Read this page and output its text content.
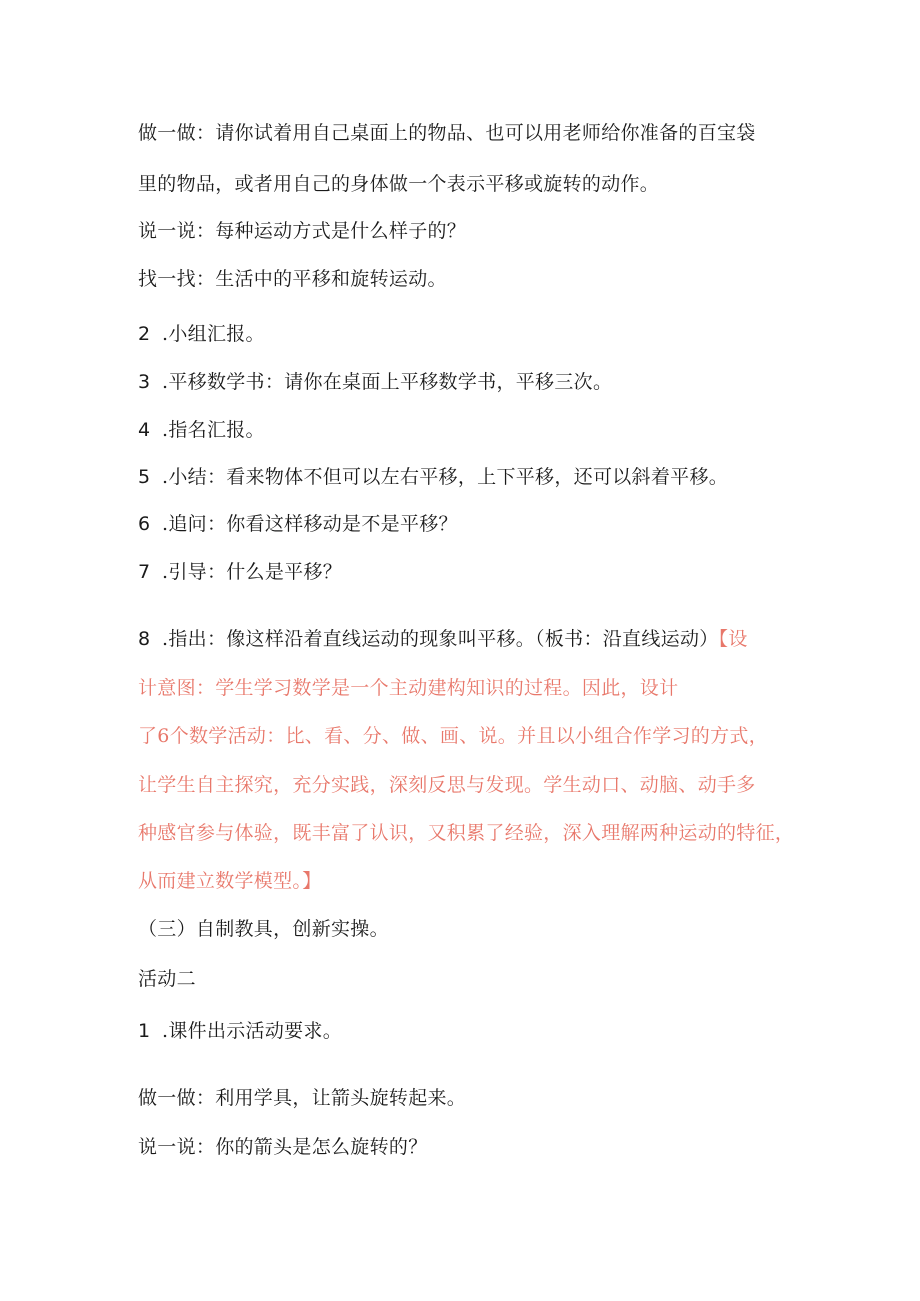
做一做：请你试着用自己桌面上的物品、也可以用老师给你准备的百宝袋
里的物品，或者用自己的身体做一个表示平移或旋转的动作。
说一说：每种运动方式是什么样子的？
找一找：生活中的平移和旋转运动。
2 .小组汇报。
3 .平移数学书：请你在桌面上平移数学书，平移三次。
4 .指名汇报。
5 .小结：看来物体不但可以左右平移，上下平移，还可以斜着平移。
6 .追问：你看这样移动是不是平移？
7 .引导：什么是平移？
8 .指出：像这样沿着直线运动的现象叫平移。（板书：沿直线运动）【设
计意图：学生学习数学是一个主动建构知识的过程。因此，设计
了6个数学活动：比、看、分、做、画、说。并且以小组合作学习的方式，
让学生自主探究，充分实践，深刻反思与发现。学生动口、动脑、动手多
种感官参与体验，既丰富了认识，又积累了经验，深入理解两种运动的特征，
从而建立数学模型。】
（三）自制教具，创新实操。
活动二
1 .课件出示活动要求。
做一做：利用学具，让箭头旋转起来。
说一说：你的箭头是怎么旋转的？
